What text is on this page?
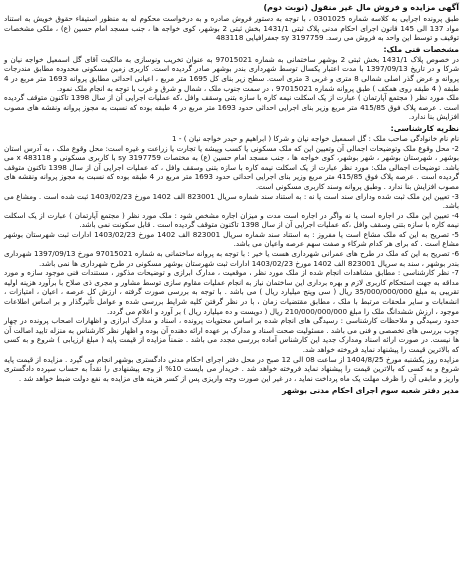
آگهی مزایده و فروش مال غیر منقول (نوبت دوم)

طبق پرونده اجرایی به کلاسه شماره 0301025 ، با توجه به دستور فروش صادره و به درخواست محکوم له به منظور استیفاء حقوق خویش به استناد مواد 137 الی 145 قانون اجرای احکام مدنی پلاک ثبتی 1431/1 بخش ثبتی 2 بوشهر، کوی خواجه ها ، جنب مسجد امام حسین (ع) ، ملکی مشخصات توقیف و توسط این واحد به فروش می رسد. 3197759 sy جعفرافیایی 483118

مشخصات فنی ملک:

در خصوص پلاک 1431/1 بخش ثبتی 2 بوشهر ساختمانی به شماره 97015021 به عنوان تخریب ونوسازی به مالکیت آقای گل اسمعیل خواجه نیان و شرکا و در تاریخ 1397/09/13 با مدت اعتبار یکسال توسط شهرداری بندر بوشهر صادر گردیده است. کاربری زمین مسکونی محدوده مطابق مندرجات پروانه و عرض گذر اصلی شمالی 8 متری و غربی 3 متری است. سطح زیر بنای کل 1695 متر مربع ، اعیانی احداثی مطابق پروانه 1693 متر مربع در 4 طبقه ( 4 طبقه روی همکف ) طبق پروانه شماره 97015021 ، در سمت جنوب ملک ، شمال و شرق و غرب با توجه به انجام ملک نمود.

ملک مورد نظر ( مجتمع آپارتمان ) عبارت از یک اسکلت نیمه کاره با سازه بتنی وسقف وافل ،که عملیات اجرایی آن از سال 1398 تاکنون متوقف گردیده است . عرصه پلاک فوق 415/85 متر مربع وزیر بنای اجرایی احداثی حدود 1693 متر مربع در 4 طبقه بوده که نسبت به مجوز پروانه ونقشه های مصوب افزایش بنا ندارد.

نظریه کارشناسی:

نام نام خانوادگی صاحب ملک : گل اسمعیل خواجه نیان و شرکا ( ابراهیم و حیدر خواجه نیان ) - 1

2- محل وقوع ملک وتوضیحات اجمالی آن وتعیین این که ملک مسکونی یا کسب وپیشه یا تجارت یا زراعت و غیره است: محل وقوع ملک ، به آدرس استان بوشهر ، شهرستان بوشهر ، شهر بوشهر، کوی خواجه ها ، جنب مسجد امام حسین (ع) به مختصات 3197759 sy با کاربری مسکونی و 483118 x می باشد. توضیحات اجمالی ملک: مورد نظر عبارت از یک اسکلت نیمه کاره با سازه بتنی وسقف وافل ، که عملیات اجرایی آن از سال 1398 تاکنون متوقف گردیده است . عرصه پلاک فوق 415/85 متر مربع وزیر بنای اجرایی احداثی حدود 1693 متر مربع در 4 طبقه بوده که نسبت به مجوز پروانه ونقشه های مصوب افزایش بنا ندارد . وطبق پروانه وسند کاربری مسکونی است.

3- تعیین این ملک ثبت شده ودارای سند است یا نه : به استناد سند شماره سریال 823001 الف 1402 مورخ 1403/02/23 ثبت شده است . ومشاع می باشد.

4- تعیین این ملک در اجاره است یا نه واگر در اجاره است مدت و میزان اجاره مشخص شود : ملک مورد نظر ( مجتمع آپارتمان ) عبارت از یک اسکلت نیمه کاره با سازه بتنی وسقف وافل ،که عملیات اجرایی آن از سال 1398 تاکنون متوقف گردیده است . قابل سکونت نمی باشد.

5- تصریح به این که ملک مشاع است یا مفروز : به استناد سند شماره سریال 823001 الف 1402 مورخ 1403/02/23 ادارات ثبت شهرستان بوشهر مشاع است . که برای هر کدام شرکاء و صفت سهم عرصه واعیان می باشد.

6- تصریح به این که ملک در طرح های عمرانی شهرداری هست یا خیر : با توجه به پروانه ساختمانی به شماره 97015021 مورخ 1397/09/13 شهرداری بندر بوشهر ، سند به سریال 823001 الف 1402 مورخ 1403/02/23 ادارات ثبت شهرستان بوشهر مسکونی در طرح شهرداری ها نمی باشد.

7- نظر کارشناسی : مطابق مشاهدات انجام شده از ملک مورد نظر ، موقعیت ، مدارک ابرازی و توضیحات مذکور ، مستندات فنی موجود سازه و مورد مداقه به جهت استحکام کاربری لازم و بهره برداری این ساختمان نیاز به انجام عملیات مقاوم سازی توسط مشاور و مجری ذی صلاح با برآورد هزینه اولیه تقریبی به مبلغ 35/000/000/000 ریال ( سی وپنج میلیارد ریال ) می باشد . با توجه به بررسی صورت گرفته ، ارزش کل عرصه ، اعیان ، امتیازات ، انشعابات و سایر ملحقات مرتبط با ملک ، مطابق مقتضیات زمان ، با در نظر گرفتن کلیه شرایط بررسی شده و عوامل تأثیرگذار و بر اساس اطلاعات موجود ، ارزش ششدانگ ملک را مبلغ 210/000/000/000 ریال ( دویست و ده میلیارد ریال ) بر آورد و اعلام می گردد.

حدود رسیدگی و ملاحظات کارشناسی : رسیدگی های انجام شده بر اساس محتویات پرونده ، اسناد و مدارک ابرازی و اظهارات اصحاب پرونده در چهار چوب بررسی های تخصصی و فنی می باشد . مسئولیت صحت اسناد و مدارک بر عهده ارائه دهنده آن بوده و اظهار نظر کارشناس به منزله تایید اصالت آن ها نیست. در صورت ارائه اسناد ومدارک جدید این کارشناس آماده بررسی مجدد می باشد . ضمناً مزایده از قیمت پایه ( مبلغ ارزیابی ) شروع و به کسی که بالاترین قیمت را پیشنهاد نماید فروخته خواهد شد.

مزایده روز یکشنبه مورخ 1404/8/25 از ساعت 08 الی 12 صبح در محل دفتر اجرای احکام مدنی دادگستری بوشهر انجام می گیرد . مزایده از قیمت پایه شروع و به کسی که بالاترین قیمت را پیشنهاد نماید فروخته خواهد شد . خریدار می بایست 10% از وجه پیشنهادی را نقداً به حساب سپرده دادگستری واریز و مابقی آن را ظرف مهلت یک ماه پرداخت نماید ، در غیر این صورت وجه واریزی پس از کسر هزینه های مزایده به نفع دولت ضبط خواهد شد .

مدیر دفتر شعبه سوم اجرای احکام مدنی بوشهر
